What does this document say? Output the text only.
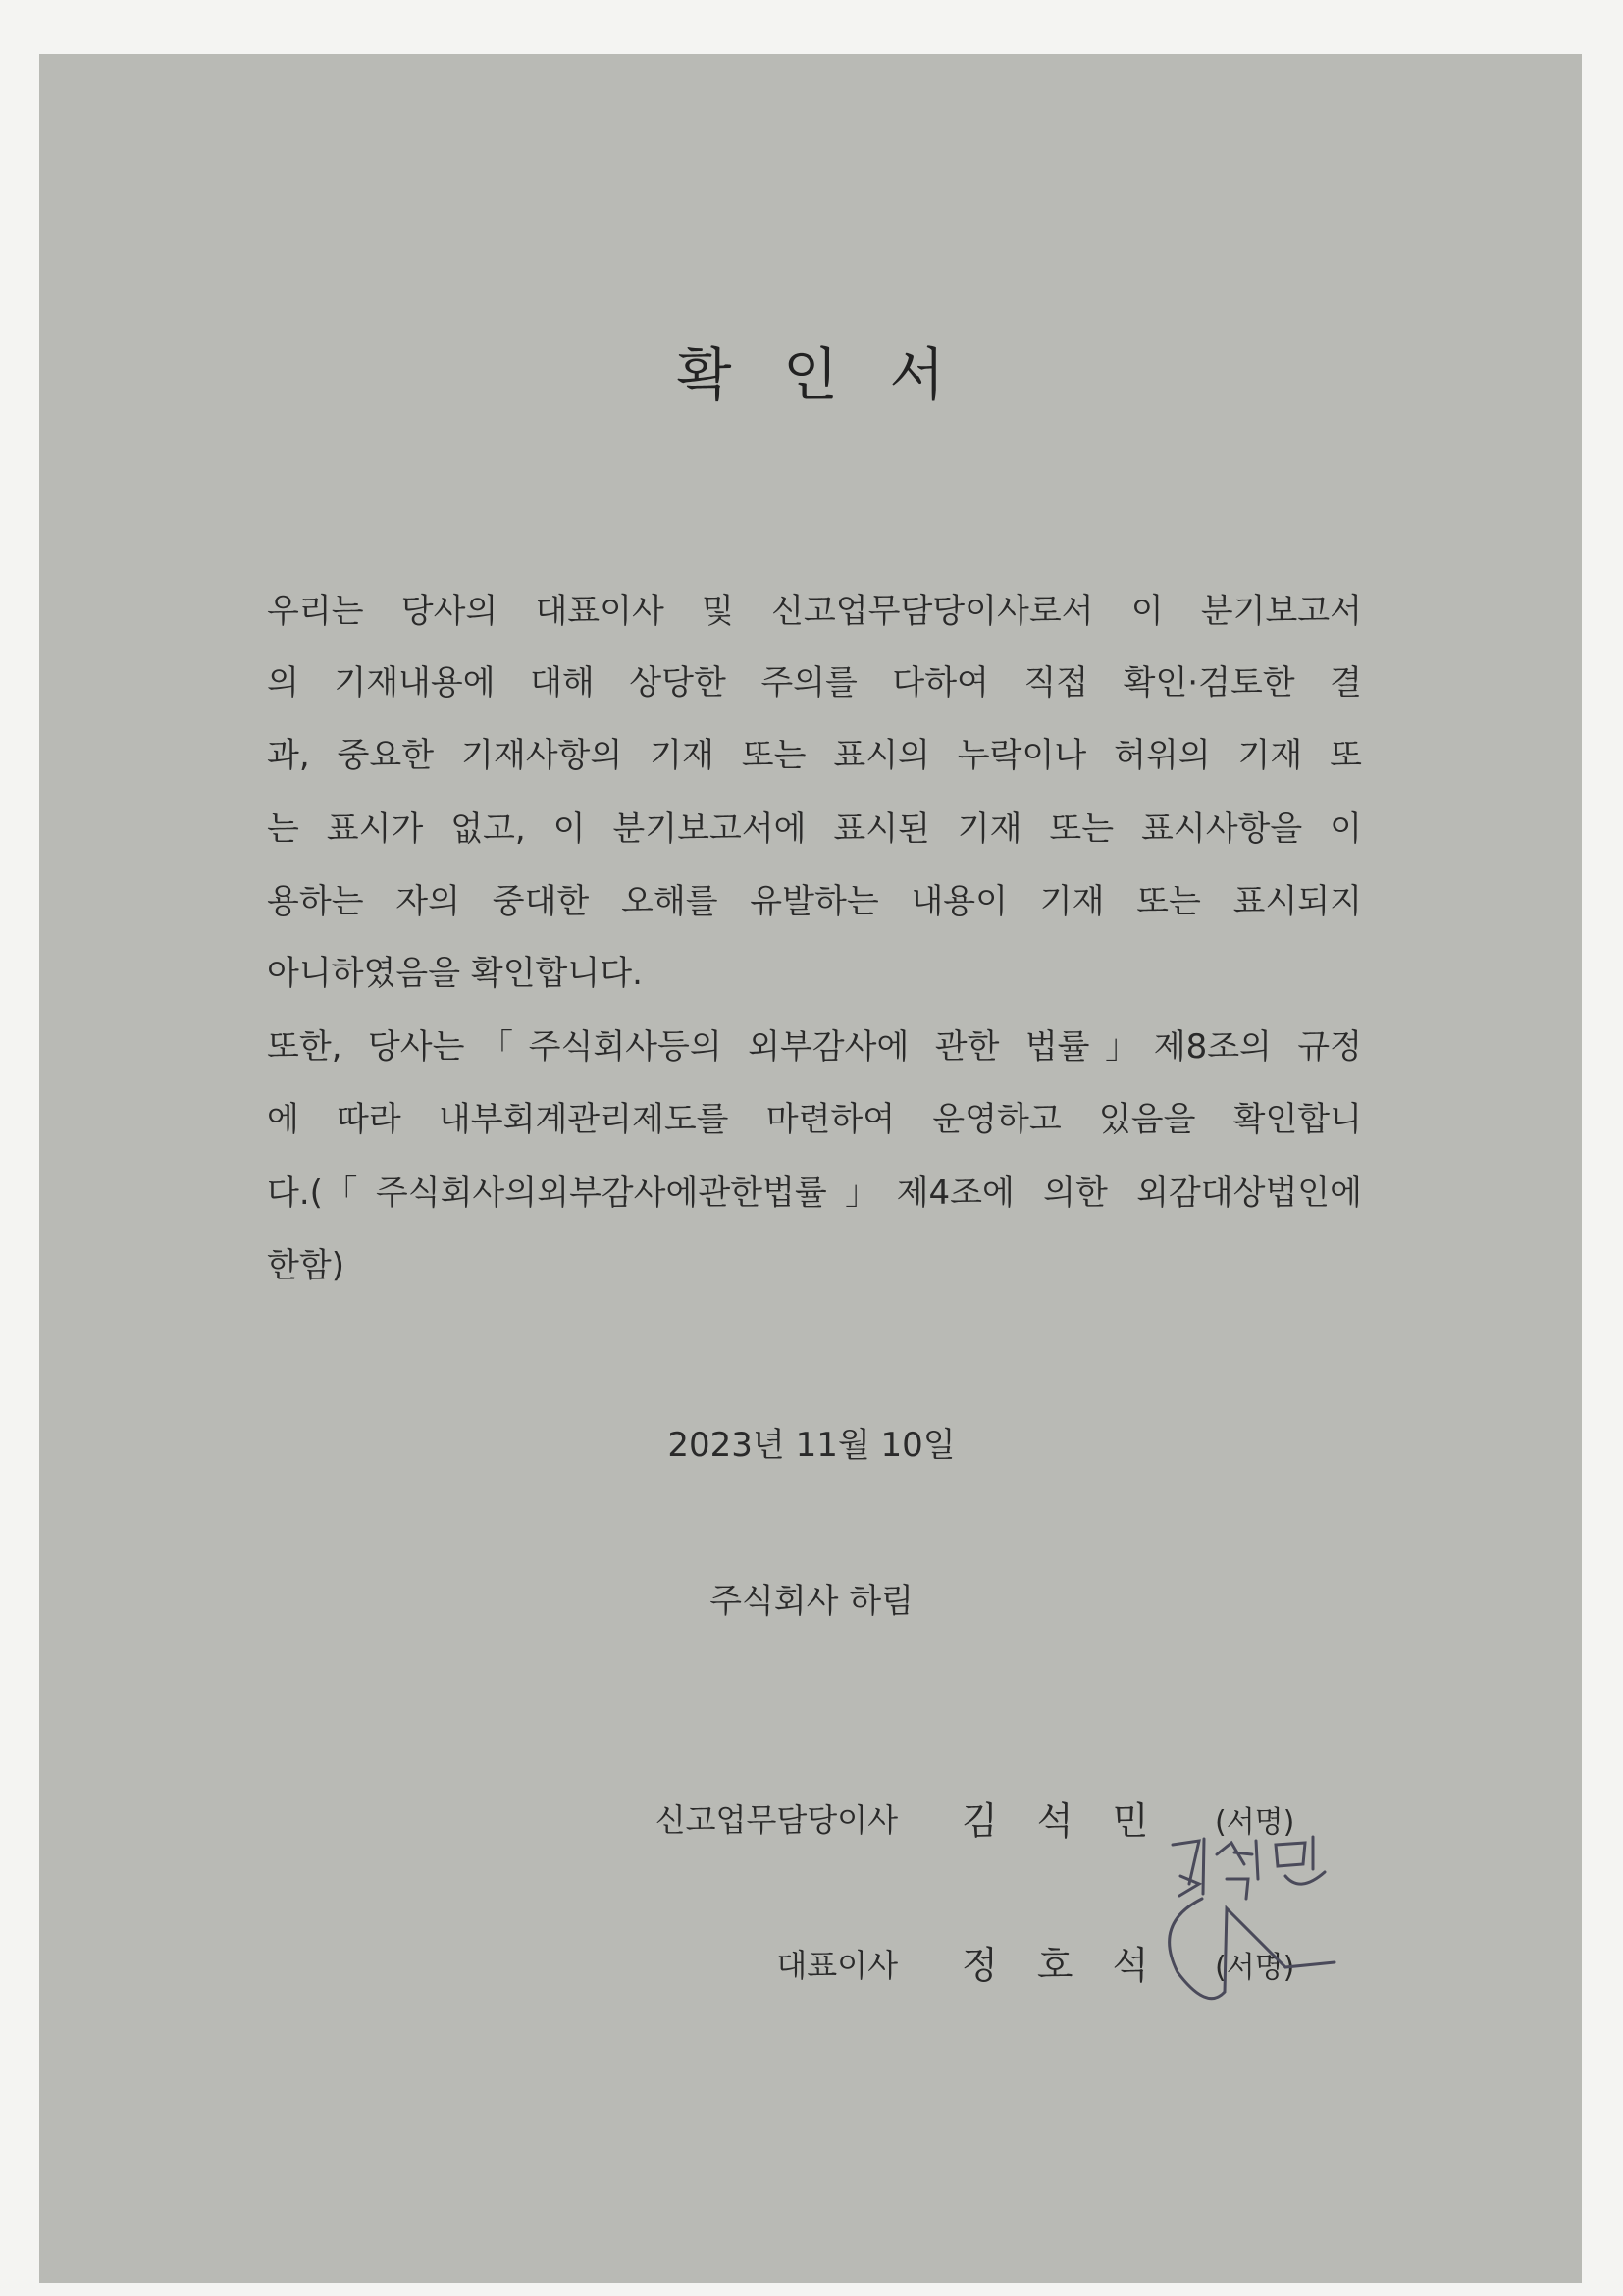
확 인 서
우리는 당사의 대표이사 및 신고업무담당이사로서 이 분기보고서
의 기재내용에 대해 상당한 주의를 다하여 직접 확인·검토한 결
과, 중요한 기재사항의 기재 또는 표시의 누락이나 허위의 기재 또
는 표시가 없고, 이 분기보고서에 표시된 기재 또는 표시사항을 이
용하는 자의 중대한 오해를 유발하는 내용이 기재 또는 표시되지
아니하였음을 확인합니다.
또한, 당사는「주식회사등의 외부감사에 관한 법률」제8조의 규정
에 따라 내부회계관리제도를 마련하여 운영하고 있음을 확인합니
다.(「주식회사의외부감사에관한법률」제4조에 의한 외감대상법인에
한함)
2023년 11월 10일
주식회사 하림
신고업무담당이사 김 석 민 (서명)
대표이사 정 호 석 (서명)
